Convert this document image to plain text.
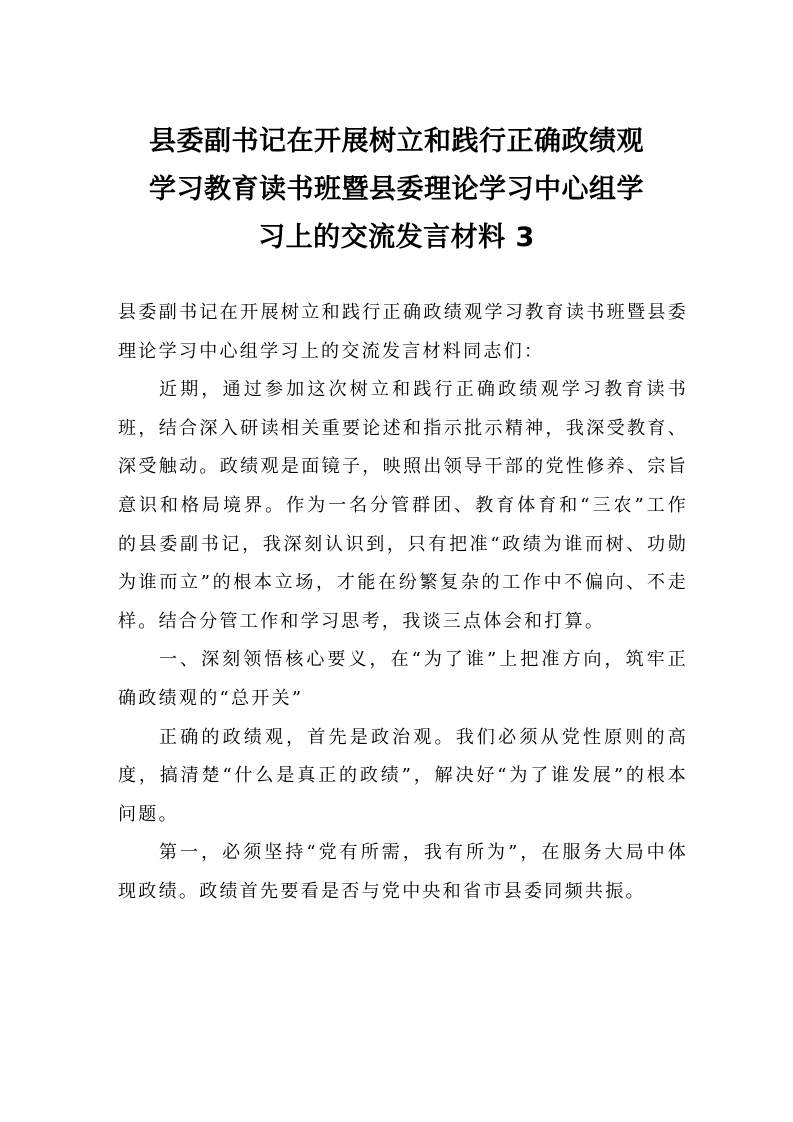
县委副书记在开展树立和践行正确政绩观
学习教育读书班暨县委理论学习中心组学
习上的交流发言材料 3

县委副书记在开展树立和践行正确政绩观学习教育读书班暨县委理论学习中心组学习上的交流发言材料同志们：

近期，通过参加这次树立和践行正确政绩观学习教育读书班，结合深入研读相关重要论述和指示批示精神，我深受教育、深受触动。政绩观是面镜子，映照出领导干部的党性修养、宗旨意识和格局境界。作为一名分管群团、教育体育和“三农”工作的县委副书记，我深刻认识到，只有把准“政绩为谁而树、功勋为谁而立”的根本立场，才能在纷繁复杂的工作中不偏向、不走样。结合分管工作和学习思考，我谈三点体会和打算。

一、深刻领悟核心要义，在“为了谁”上把准方向，筑牢正确政绩观的“总开关”

正确的政绩观，首先是政治观。我们必须从党性原则的高度，搞清楚“什么是真正的政绩”，解决好“为了谁发展”的根本问题。

第一，必须坚持“党有所需，我有所为”，在服务大局中体现政绩。政绩首先要看是否与党中央和省市县委同频共振。
